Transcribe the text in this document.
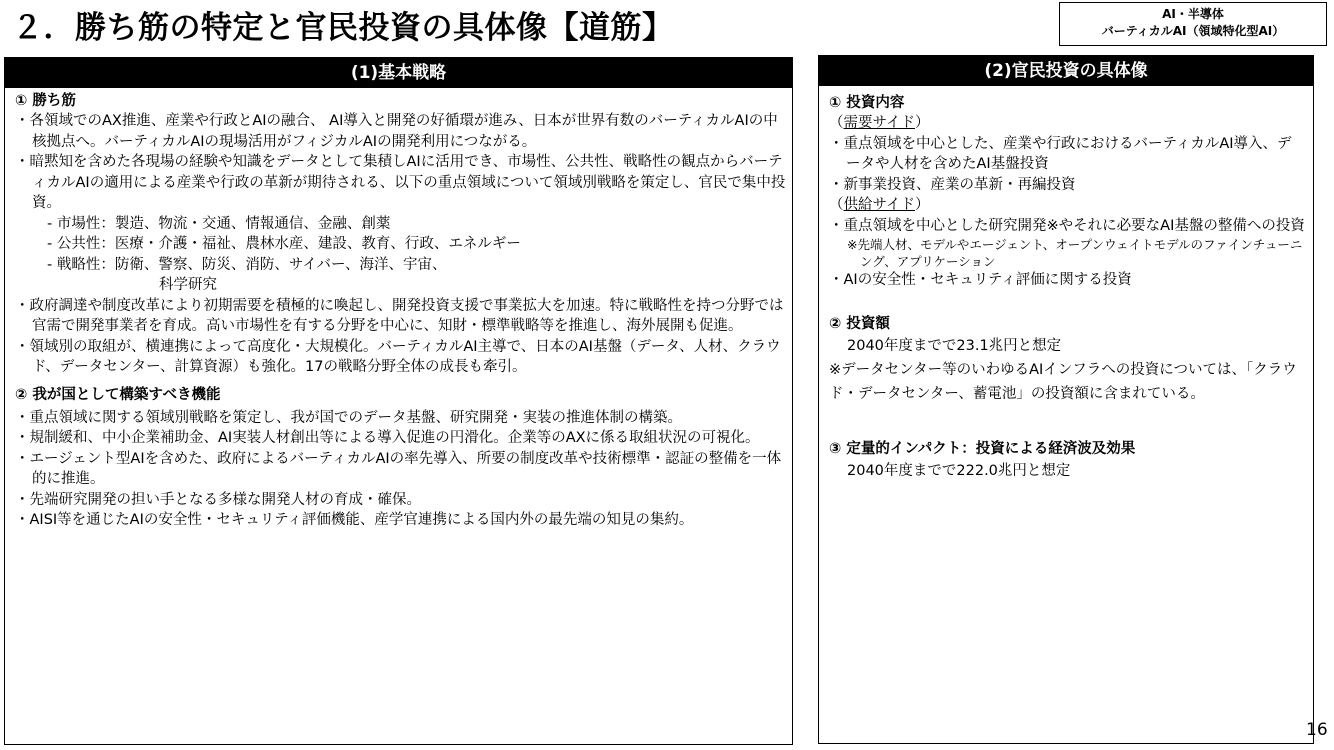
２．勝ち筋の特定と官民投資の具体像【道筋】	AI・半導体
バーティカルAI（領域特化型AI）
(1)基本戦略
① 勝ち筋
・各領域でのAX推進、産業や行政とAIの融合、 AI導入と開発の好循環が進み、日本が世界有数のバーティカルAIの中核拠点へ。バーティカルAIの現場活用がフィジカルAIの開発利用につながる。
・暗黙知を含めた各現場の経験や知識をデータとして集積しAIに活用でき、市場性、公共性、戦略性の観点からバーティカルAIの適用による産業や行政の革新が期待される、以下の重点領域について領域別戦略を策定し、官民で集中投資。
- 市場性：製造、物流・交通、情報通信、金融、創薬
- 公共性：医療・介護・福祉、農林水産、建設、教育、行政、エネルギー
- 戦略性：防衛、警察、防災、消防、サイバー、海洋、宇宙、
科学研究
・政府調達や制度改革により初期需要を積極的に喚起し、開発投資支援で事業拡大を加速。特に戦略性を持つ分野では官需で開発事業者を育成。高い市場性を有する分野を中心に、知財・標準戦略等を推進し、海外展開も促進。
・領域別の取組が、横連携によって高度化・大規模化。バーティカルAI主導で、日本のAI基盤（データ、人材、クラウド、データセンター、計算資源）も強化。17の戦略分野全体の成長も牽引。
② 我が国として構築すべき機能
・重点領域に関する領域別戦略を策定し、我が国でのデータ基盤、研究開発・実装の推進体制の構築。
・規制緩和、中小企業補助金、AI実装人材創出等による導入促進の円滑化。企業等のAXに係る取組状況の可視化。
・エージェント型AIを含めた、政府によるバーティカルAIの率先導入、所要の制度改革や技術標準・認証の整備を一体的に推進。
・先端研究開発の担い手となる多様な開発人材の育成・確保。
・AISI等を通じたAIの安全性・セキュリティ評価機能、産学官連携による国内外の最先端の知見の集約。
(2)官民投資の具体像
① 投資内容
（需要サイド）
・重点領域を中心とした、産業や行政におけるバーティカルAI導入、データや人材を含めたAI基盤投資
・新事業投資、産業の革新・再編投資
（供給サイド）
・重点領域を中心とした研究開発※やそれに必要なAI基盤の整備への投資
※先端人材、モデルやエージェント、オープンウェイトモデルのファインチューニング、アプリケーション
・AIの安全性・セキュリティ評価に関する投資
② 投資額
2040年度までで23.1兆円と想定
※データセンター等のいわゆるAIインフラへの投資については、「クラウド・データセンター、蓄電池」の投資額に含まれている。
③ 定量的インパクト：投資による経済波及効果
2040年度までで222.0兆円と想定
16
